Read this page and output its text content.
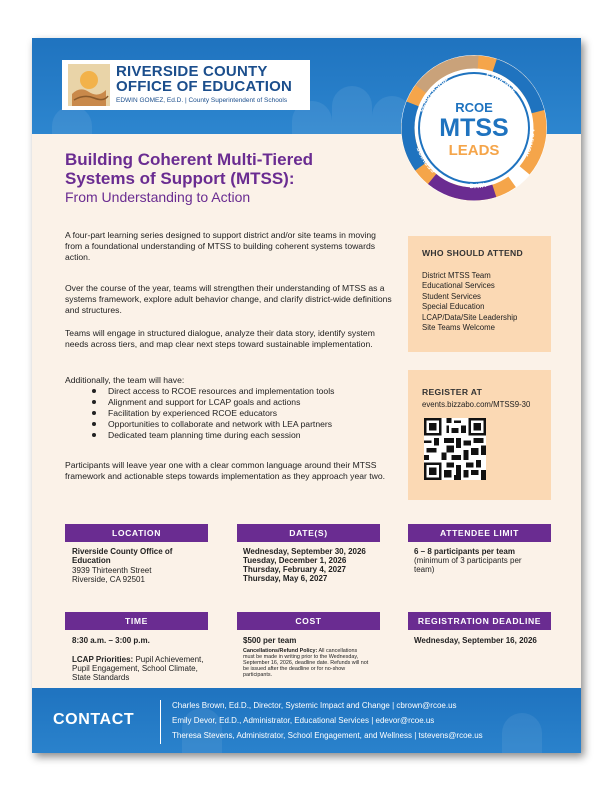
RIVERSIDE COUNTY
OFFICE OF EDUCATION
EDWIN GOMEZ, Ed.D. | County Superintendent of Schools
LEADERSHIP
EVIDENCE
AGENCY
DATA
SERVICE
RCOE
MTSS
LEADS
Building Coherent Multi-Tiered
Systems of Support (MTSS):
From Understanding to Action
A four-part learning series designed to support district and/or site teams in moving from a foundational understanding of MTSS to building coherent systems towards action.
Over the course of the year, teams will strengthen their understanding of MTSS as a systems framework, explore adult behavior change, and clarify district-wide definitions and structures.
Teams will engage in structured dialogue, analyze their data story, identify system needs across tiers, and map clear next steps toward sustainable implementation.
Additionally, the team will have:
Direct access to RCOE resources and implementation tools
Alignment and support for LCAP goals and actions
Facilitation by experienced RCOE educators
Opportunities to collaborate and network with LEA partners
Dedicated team planning time during each session
Participants will leave year one with a clear common language around their MTSS framework and actionable steps towards implementation as they approach year two.
WHO SHOULD ATTEND
District MTSS Team
Educational Services
Student Services
Special Education
LCAP/Data/Site Leadership
Site Teams Welcome
REGISTER AT
events.bizzabo.com/MTSS9-30
LOCATION
Riverside County Office of Education
3939 Thirteenth Street
Riverside, CA 92501
DATE(S)
Wednesday, September 30, 2026
Tuesday, December 1, 2026
Thursday, February 4, 2027
Thursday, May 6, 2027
ATTENDEE LIMIT
6 – 8 participants per team
(minimum of 3 participants per team)
TIME
8:30 a.m. – 3:00 p.m.
LCAP Priorities: Pupil Achievement, Pupil Engagement, School Climate, State Standards
COST
$500 per team
Cancellations/Refund Policy: All cancellations must be made in writing prior to the Wednesday, September 16, 2026, deadline date. Refunds will not be issued after the deadline or for no-show participants.
REGISTRATION DEADLINE
Wednesday, September 16, 2026
CONTACT
Charles Brown, Ed.D., Director, Systemic Impact and Change | cbrown@rcoe.us
Emily Devor, Ed.D., Administrator, Educational Services | edevor@rcoe.us
Theresa Stevens, Administrator, School Engagement, and Wellness | tstevens@rcoe.us
